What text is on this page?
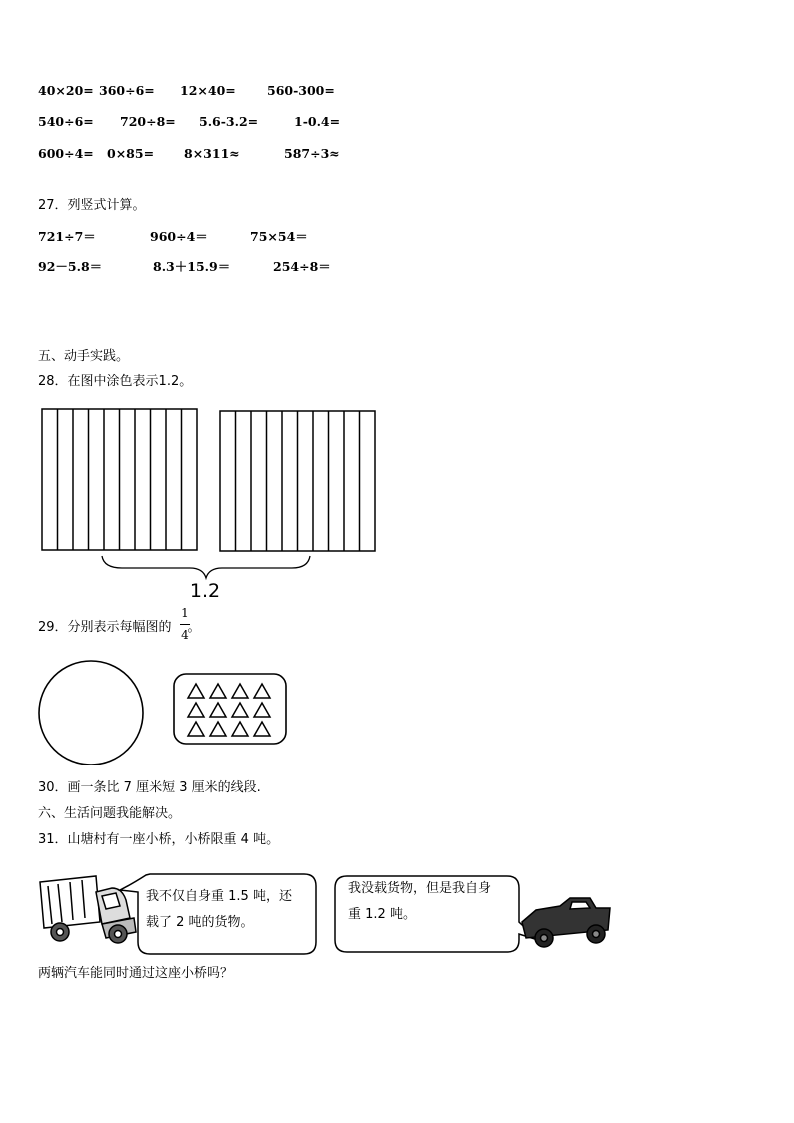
40×20= 360÷6= 12×40=	560-300=
540÷6= 720÷8= 5.6-3.2=	1-0.4=
600÷4= 0×85= 8×311≈	587÷3≈
27．列竖式计算。
721÷7＝	960÷4＝	75×54＝
92－5.8＝	8.3＋15.9＝	254÷8＝
五、动手实践。
28．在图中涂色表示1.2。
1.2
29．分别表示每幅图的 。
1
4
30．画一条比 7 厘米短 3 厘米的线段.
六、生活问题我能解决。
31．山塘村有一座小桥，小桥限重 4 吨。
我不仅自身重 1.5 吨，还
载了 2 吨的货物。
我没载货物，但是我自身
重 1.2 吨。
两辆汽车能同时通过这座小桥吗？
